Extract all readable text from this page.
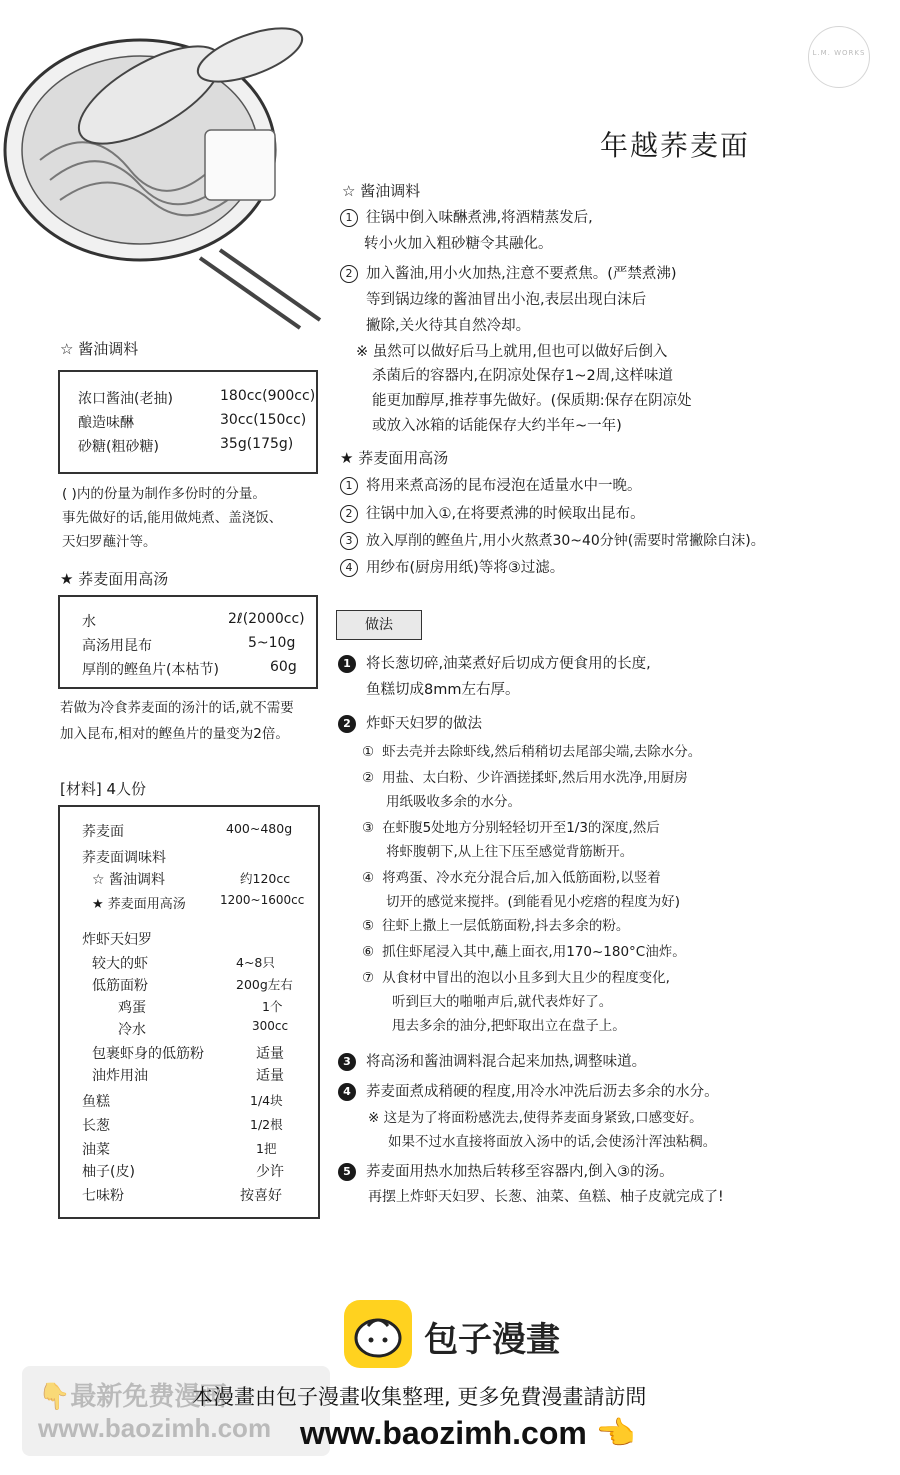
L.M. WORKS
年越荞麦面
☆ 酱油调料
浓口酱油(老抽)	180cc(900cc)
酿造味醂	30cc(150cc)
砂糖(粗砂糖)	35g(175g)
( )内的份量为制作多份时的分量。
事先做好的话,能用做炖煮、盖浇饭、
天妇罗蘸汁等。
★ 荞麦面用高汤
水	2ℓ(2000cc)
高汤用昆布	5~10g
厚削的鲣鱼片(本枯节)	60g
若做为冷食荞麦面的汤汁的话,就不需要
加入昆布,相对的鲣鱼片的量变为2倍。
[材料] 4人份
荞麦面	400~480g
荞麦面调味料
☆ 酱油调料	约120cc
★ 荞麦面用高汤	1200~1600cc
炸虾天妇罗
较大的虾	4~8只
低筋面粉	200g左右
鸡蛋	1个
冷水	300cc
包裹虾身的低筋粉	适量
油炸用油	适量
鱼糕	1/4块
长葱	1/2根
油菜	1把
柚子(皮)	少许
七味粉	按喜好
☆ 酱油调料
1 往锅中倒入味醂煮沸,将酒精蒸发后,
转小火加入粗砂糖令其融化。
2 加入酱油,用小火加热,注意不要煮焦。(严禁煮沸)
等到锅边缘的酱油冒出小泡,表层出现白沫后
撇除,关火待其自然冷却。
※ 虽然可以做好后马上就用,但也可以做好后倒入
杀菌后的容器内,在阴凉处保存1~2周,这样味道
能更加醇厚,推荐事先做好。(保质期:保存在阴凉处
或放入冰箱的话能保存大约半年~一年)
★ 荞麦面用高汤
1 将用来煮高汤的昆布浸泡在适量水中一晚。
2 往锅中加入①,在将要煮沸的时候取出昆布。
3 放入厚削的鲣鱼片,用小火熬煮30~40分钟(需要时常撇除白沫)。
4 用纱布(厨房用纸)等将③过滤。
做法
1 将长葱切碎,油菜煮好后切成方便食用的长度,
鱼糕切成8mm左右厚。
2 炸虾天妇罗的做法
① 虾去壳并去除虾线,然后稍稍切去尾部尖端,去除水分。
② 用盐、太白粉、少许酒搓揉虾,然后用水洗净,用厨房
用纸吸收多余的水分。
③ 在虾腹5处地方分别轻轻切开至1/3的深度,然后
将虾腹朝下,从上往下压至感觉背筋断开。
④ 将鸡蛋、冷水充分混合后,加入低筋面粉,以竖着
切开的感觉来搅拌。(到能看见小疙瘩的程度为好)
⑤ 往虾上撒上一层低筋面粉,抖去多余的粉。
⑥ 抓住虾尾浸入其中,蘸上面衣,用170~180°C油炸。
⑦ 从食材中冒出的泡以小且多到大且少的程度变化,
听到巨大的啪啪声后,就代表炸好了。
甩去多余的油分,把虾取出立在盘子上。
3 将高汤和酱油调料混合起来加热,调整味道。
4 荞麦面煮成稍硬的程度,用冷水冲洗后沥去多余的水分。
※ 这是为了将面粉感洗去,使得荞麦面身紧致,口感变好。
如果不过水直接将面放入汤中的话,会使汤汁浑浊粘稠。
5 荞麦面用热水加热后转移至容器内,倒入③的汤。
再摆上炸虾天妇罗、长葱、油菜、鱼糕、柚子皮就完成了!
👇最新免费漫画
www.baozimh.com
包子漫畫
本漫畫由包子漫畫收集整理, 更多免費漫畫請訪問
www.baozimh.com 👈
